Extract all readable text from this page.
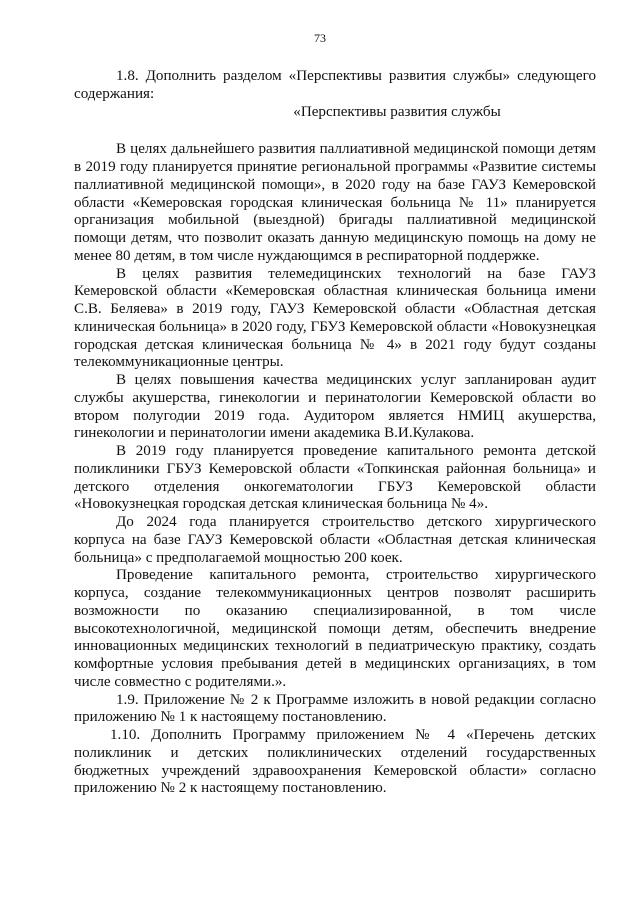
73

1.8. Дополнить разделом «Перспективы развития службы» следующего содержания:

«Перспективы развития службы

В целях дальнейшего развития паллиативной медицинской помощи детям в 2019 году планируется принятие региональной программы «Развитие системы паллиативной медицинской помощи», в 2020 году на базе ГАУЗ Кемеровской области «Кемеровская городская клиническая больница № 11» планируется организация мобильной (выездной) бригады паллиативной медицинской помощи детям, что позволит оказать данную медицинскую помощь на дому не менее 80 детям, в том числе нуждающимся в респираторной поддержке.

В целях развития телемедицинских технологий на базе ГАУЗ Кемеровской области «Кемеровская областная клиническая больница имени С.В. Беляева» в 2019 году, ГАУЗ Кемеровской области «Областная детская клиническая больница» в 2020 году, ГБУЗ Кемеровской области «Новокузнецкая городская детская клиническая больница № 4» в 2021 году будут созданы телекоммуникационные центры.

В целях повышения качества медицинских услуг запланирован аудит службы акушерства, гинекологии и перинатологии Кемеровской области во втором полугодии 2019 года. Аудитором является НМИЦ акушерства, гинекологии и перинатологии имени академика В.И.Кулакова.

В 2019 году планируется проведение капитального ремонта детской поликлиники ГБУЗ Кемеровской области «Топкинская районная больница» и детского отделения онкогематологии ГБУЗ Кемеровской области «Новокузнецкая городская детская клиническая больница № 4».

До 2024 года планируется строительство детского хирургического корпуса на базе ГАУЗ Кемеровской области «Областная детская клиническая больница» с предполагаемой мощностью 200 коек.

Проведение капитального ремонта, строительство хирургического корпуса, создание телекоммуникационных центров позволят расширить возможности по оказанию специализированной, в том числе высокотехнологичной, медицинской помощи детям, обеспечить внедрение инновационных медицинских технологий в педиатрическую практику, создать комфортные условия пребывания детей в медицинских организациях, в том числе совместно с родителями.».

1.9. Приложение № 2 к Программе изложить в новой редакции согласно приложению № 1 к настоящему постановлению.

1.10. Дополнить Программу приложением № 4 «Перечень детских поликлиник и детских поликлинических отделений государственных бюджетных учреждений здравоохранения Кемеровской области» согласно приложению № 2 к настоящему постановлению.
